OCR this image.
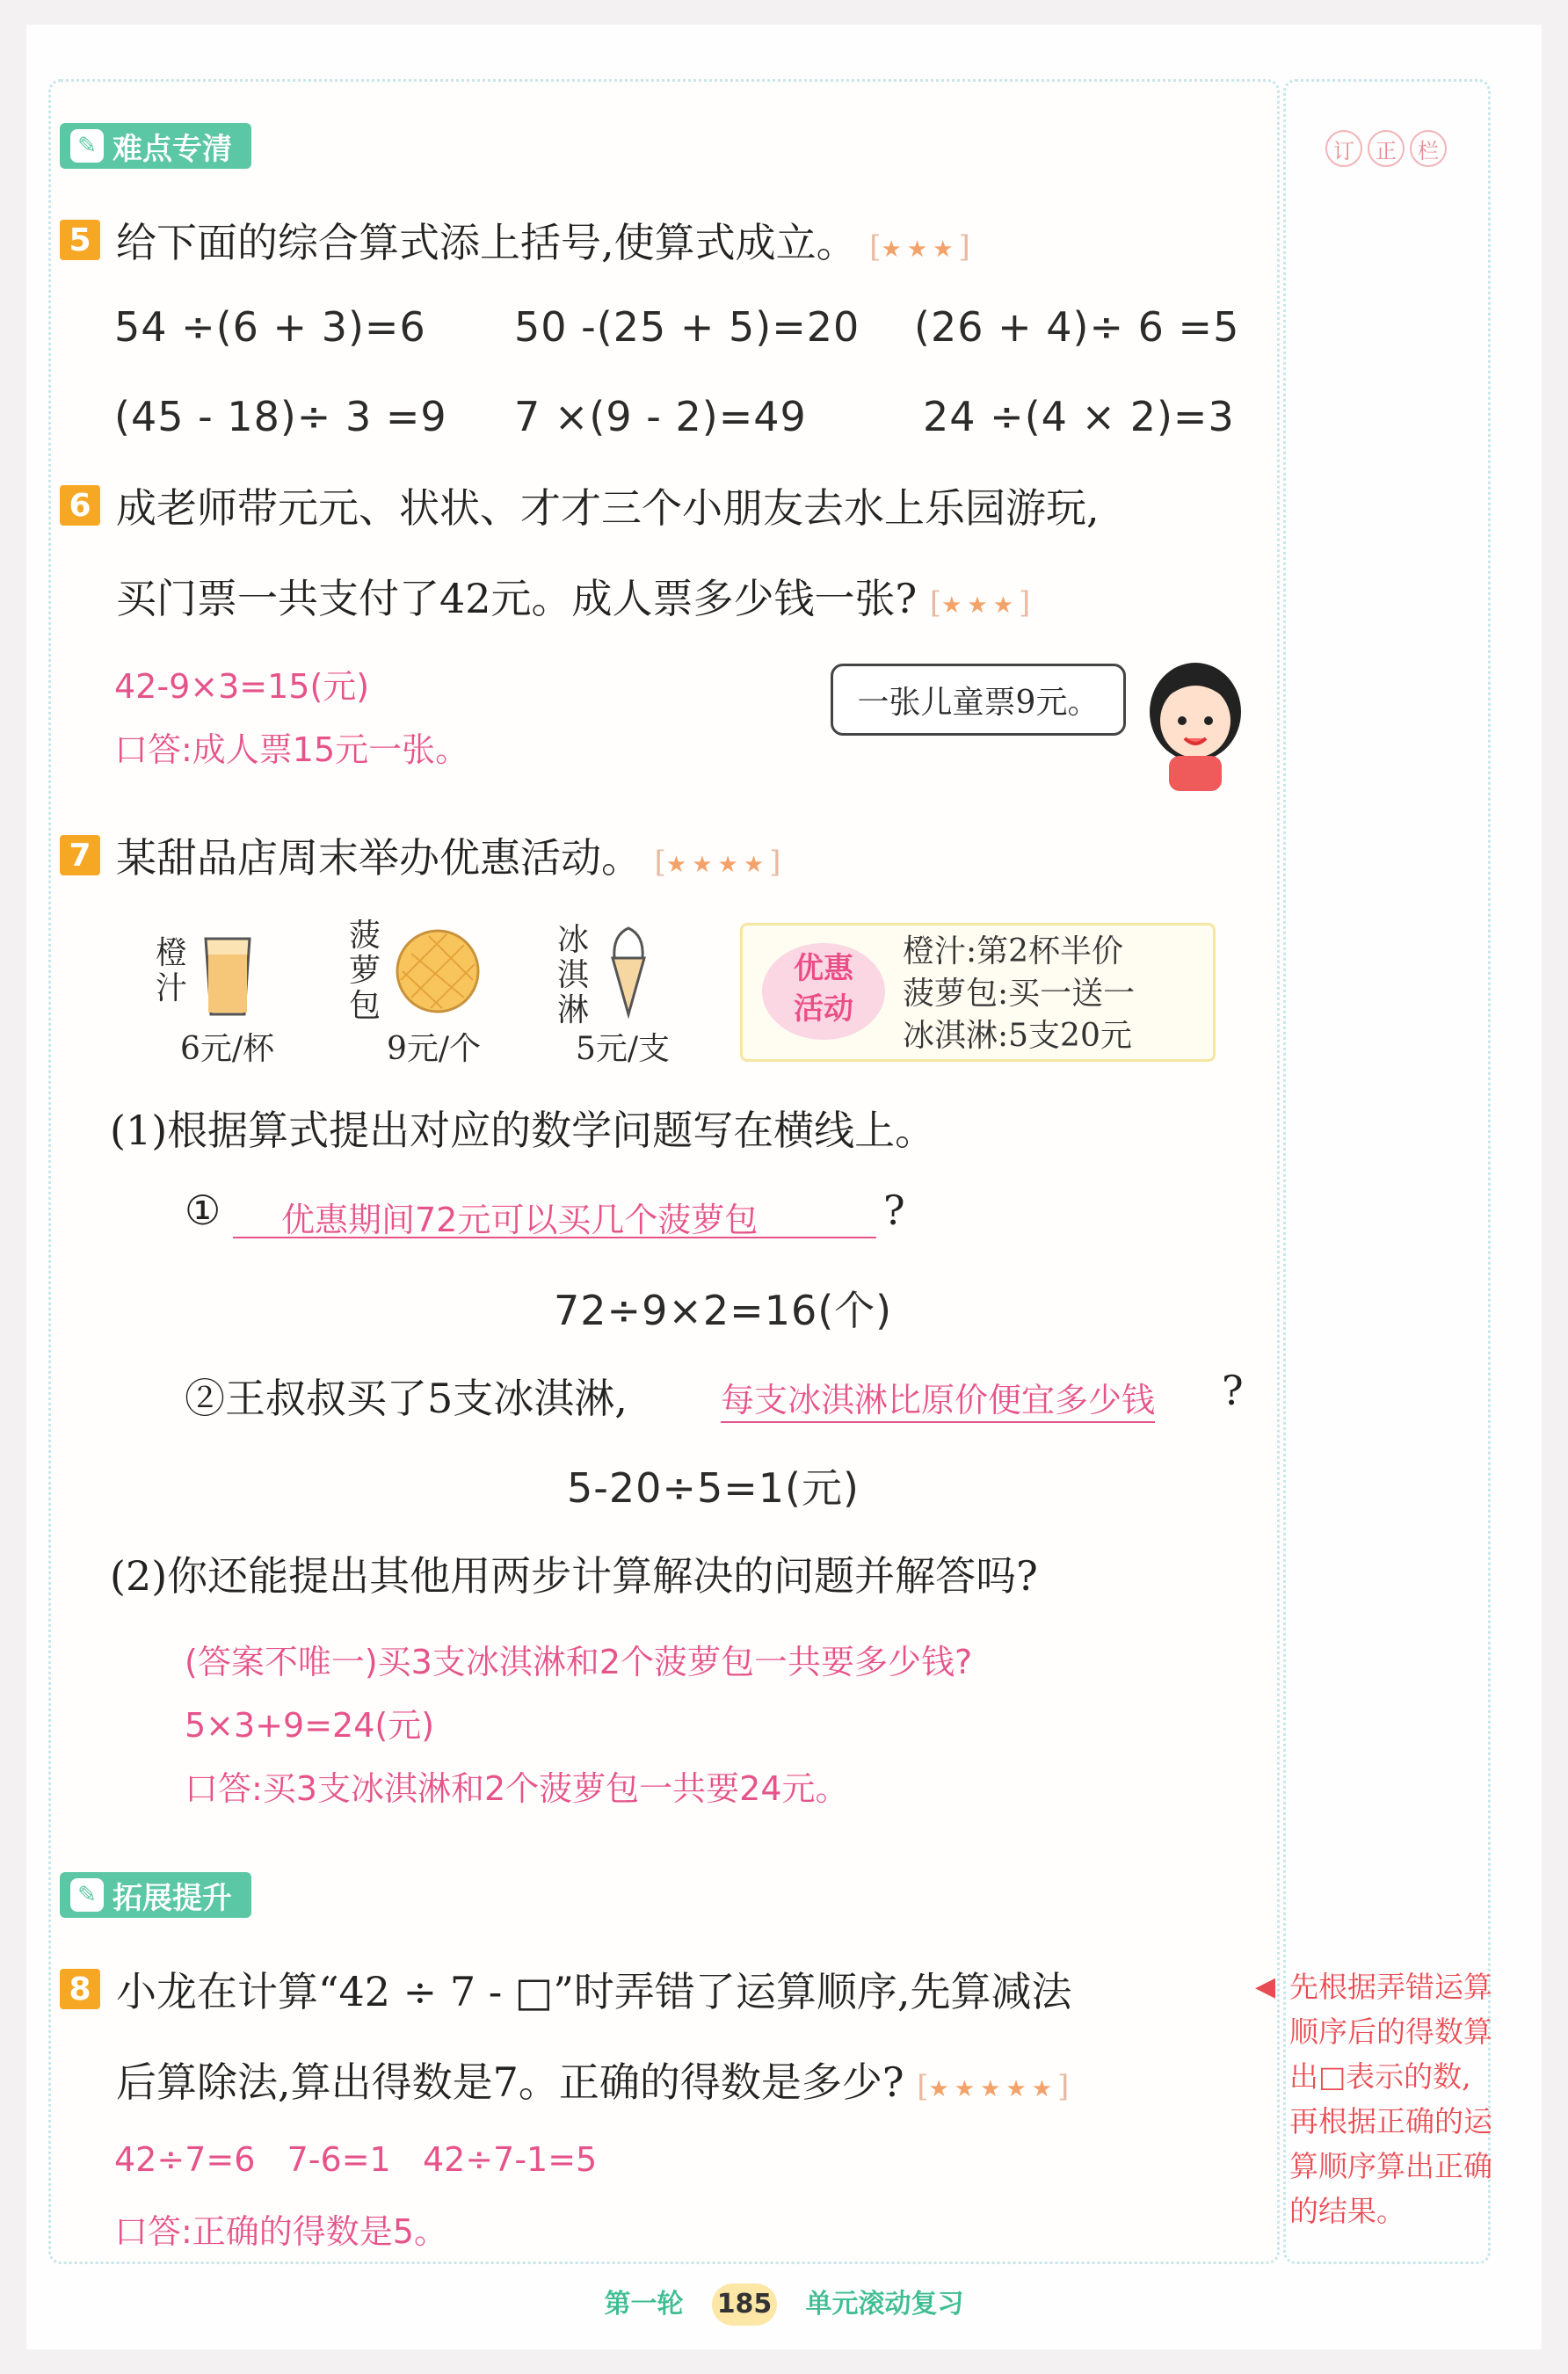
订	正	栏
✎ 难点专清
5 给下面的综合算式添上括号,使算式成立。 [★★★]
54 ÷(6 + 3)=6 50 -(25 + 5)=20 (26 + 4)÷ 6 =5
(45 - 18)÷ 3 =9 7 ×(9 - 2)=49	24 ÷(4 × 2)=3
6 成老师带元元、状状、才才三个小朋友去水上乐园游玩,
买门票一共支付了42元。成人票多少钱一张? [★★★]
42-9×3=15(元)
口答:成人票15元一张。
一张儿童票9元。
7 某甜品店周末举办优惠活动。 [★★★★]
橙汁
6元/杯
菠萝包
9元/个
冰淇淋
5元/支
优惠
活动
橙汁:第2杯半价
菠萝包:买一送一
冰淇淋:5支20元
(1)根据算式提出对应的数学问题写在横线上。
① 优惠期间72元可以买几个菠萝包	?
72÷9×2=16(个)
②王叔叔买了5支冰淇淋,	每支冰淇淋比原价便宜多少钱 ?
5-20÷5=1(元)
(2)你还能提出其他用两步计算解决的问题并解答吗?
(答案不唯一)买3支冰淇淋和2个菠萝包一共要多少钱?
5×3+9=24(元)
口答:买3支冰淇淋和2个菠萝包一共要24元。
✎ 拓展提升
8 小龙在计算“42 ÷ 7 - □”时弄错了运算顺序,先算减法
后算除法,算出得数是7。正确的得数是多少? [★★★★★]
42÷7=6   7-6=1   42÷7-1=5
口答:正确的得数是5。
◀ 先根据弄错运算顺序后的得数算出□表示的数,再根据正确的运算顺序算出正确的结果。
第一轮 185 单元滚动复习
